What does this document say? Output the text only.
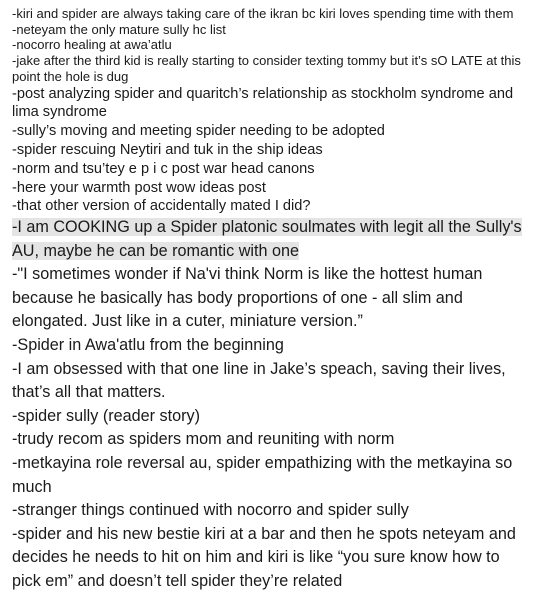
-kiri and spider are always taking care of the ikran bc kiri loves spending time with them

-neteyam the only mature sully hc list

-nocorro healing at awa’atlu

-jake after the third kid is really starting to consider texting tommy but it’s sO LATE at this point the hole is dug

-post analyzing spider and quaritch’s relationship as stockholm syndrome and lima syndrome

-sully’s moving and meeting spider needing to be adopted

-spider rescuing Neytiri and tuk in the ship ideas

-norm and tsu’tey e p i c post war head canons

-here your warmth post wow ideas post

-that other version of accidentally mated I did?

-I am COOKING up a Spider platonic soulmates with legit all the Sully's AU, maybe he can be romantic with one

-"I sometimes wonder if Na'vi think Norm is like the hottest human because he basically has body proportions of one - all slim and elongated. Just like in a cuter, miniature version.”

-Spider in Awa'atlu from the beginning

-I am obsessed with that one line in Jake’s speach, saving their lives, that’s all that matters.

-spider sully (reader story)

-trudy recom as spiders mom and reuniting with norm

-metkayina role reversal au, spider empathizing with the metkayina so much

-stranger things continued with nocorro and spider sully

-spider and his new bestie kiri at a bar and then he spots neteyam and decides he needs to hit on him and kiri is like “you sure know how to pick em” and doesn’t tell spider they’re related
